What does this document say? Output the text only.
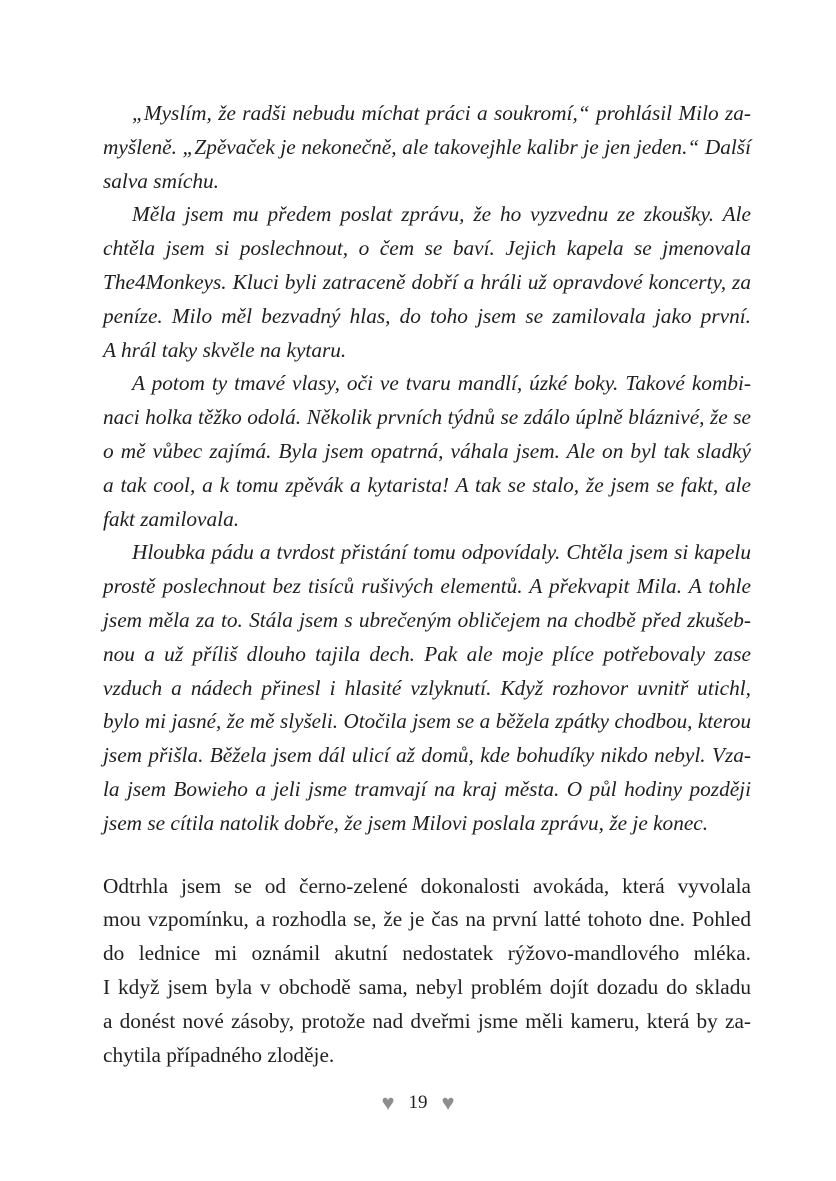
„Myslím, že radši nebudu míchat práci a soukromí,“ prohlásil Milo za-
myšleně. „Zpěvaček je nekonečně, ale takovejhle kalibr je jen jeden.“ Další
salva smíchu.
Měla jsem mu předem poslat zprávu, že ho vyzvednu ze zkoušky. Ale
chtěla jsem si poslechnout, o čem se baví. Jejich kapela se jmenovala
The4Monkeys. Kluci byli zatraceně dobří a hráli už opravdové koncerty, za
peníze. Milo měl bezvadný hlas, do toho jsem se zamilovala jako první.
A hrál taky skvěle na kytaru.
A potom ty tmavé vlasy, oči ve tvaru mandlí, úzké boky. Takové kombi-
naci holka těžko odolá. Několik prvních týdnů se zdálo úplně bláznivé, že se
o mě vůbec zajímá. Byla jsem opatrná, váhala jsem. Ale on byl tak sladký
a tak cool, a k tomu zpěvák a kytarista! A tak se stalo, že jsem se fakt, ale
fakt zamilovala.
Hloubka pádu a tvrdost přistání tomu odpovídaly. Chtěla jsem si kapelu
prostě poslechnout bez tisíců rušivých elementů. A překvapit Mila. A tohle
jsem měla za to. Stála jsem s ubrečeným obličejem na chodbě před zkušeb-
nou a už příliš dlouho tajila dech. Pak ale moje plíce potřebovaly zase
vzduch a nádech přinesl i hlasité vzlyknutí. Když rozhovor uvnitř utichl,
bylo mi jasné, že mě slyšeli. Otočila jsem se a běžela zpátky chodbou, kterou
jsem přišla. Běžela jsem dál ulicí až domů, kde bohudíky nikdo nebyl. Vza-
la jsem Bowieho a jeli jsme tramvají na kraj města. O půl hodiny později
jsem se cítila natolik dobře, že jsem Milovi poslala zprávu, že je konec.
Odtrhla jsem se od černo-zelené dokonalosti avokáda, která vyvolala
mou vzpomínku, a rozhodla se, že je čas na první latté tohoto dne. Pohled
do lednice mi oznámil akutní nedostatek rýžovo-mandlového mléka.
I když jsem byla v obchodě sama, nebyl problém dojít dozadu do skladu
a donést nové zásoby, protože nad dveřmi jsme měli kameru, která by za-
chytila případného zloděje.
♥ 19 ♥
